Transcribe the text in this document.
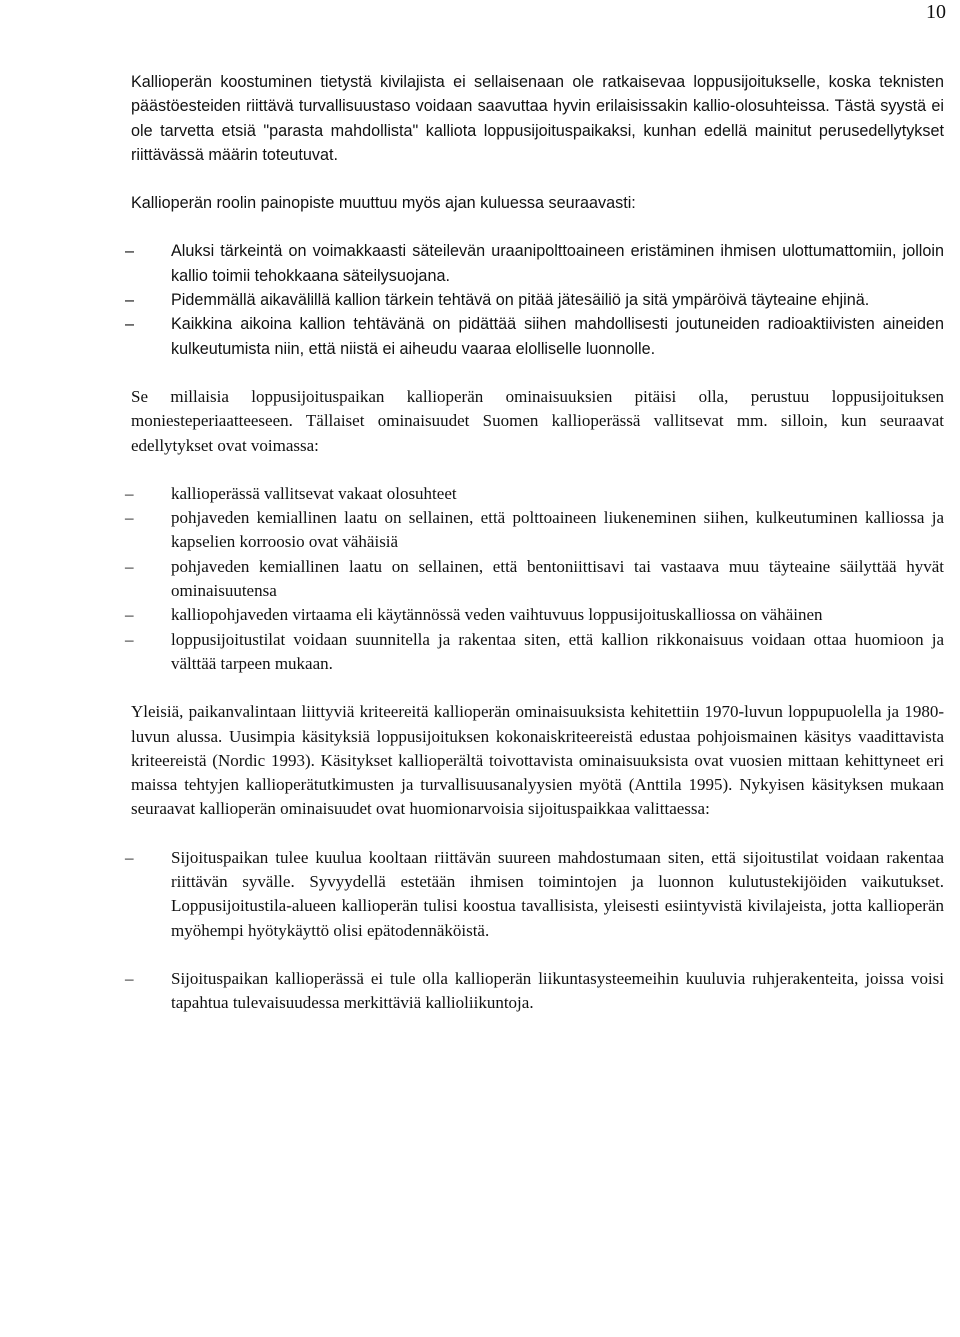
10

Kallioperän koostuminen tietystä kivilajista ei sellaisenaan ole ratkaisevaa loppusijoitukselle, koska teknisten päästöesteiden riittävä turvallisuustaso voidaan saavuttaa hyvin erilaisissakin kallio-olosuhteissa. Tästä syystä ei ole tarvetta etsiä "parasta mahdollista" kalliota loppusijoituspaikaksi, kunhan edellä mainitut perusedellytykset riittävässä määrin toteutuvat.

Kallioperän roolin painopiste muuttuu myös ajan kuluessa seuraavasti:

– Aluksi tärkeintä on voimakkaasti säteilevän uraanipolttoaineen eristäminen ihmisen ulottumattomiin, jolloin kallio toimii tehokkaana säteilysuojana.
– Pidemmällä aikavälillä kallion tärkein tehtävä on pitää jätesäiliö ja sitä ympäröivä täyteaine ehjinä.
– Kaikkina aikoina kallion tehtävänä on pidättää siihen mahdollisesti joutuneiden radioaktiivisten aineiden kulkeutumista niin, että niistä ei aiheudu vaaraa elolliselle luonnolle.

Se millaisia loppusijoituspaikan kallioperän ominaisuuksien pitäisi olla, perustuu loppusijoituksen moniesteperiaatteeseen. Tällaiset ominaisuudet Suomen kallioperässä vallitsevat mm. silloin, kun seuraavat edellytykset ovat voimassa:

– kallioperässä vallitsevat vakaat olosuhteet
– pohjaveden kemiallinen laatu on sellainen, että polttoaineen liukeneminen siihen, kulkeutuminen kalliossa ja kapselien korroosio ovat vähäisiä
– pohjaveden kemiallinen laatu on sellainen, että bentoniittisavi tai vastaava muu täyteaine säilyttää hyvät ominaisuutensa
– kalliopohjaveden virtaama eli käytännössä veden vaihtuvuus loppusijoituskalliossa on vähäinen
– loppusijoitustilat voidaan suunnitella ja rakentaa siten, että kallion rikkonaisuus voidaan ottaa huomioon ja välttää tarpeen mukaan.

Yleisiä, paikanvalintaan liittyviä kriteereitä kallioperän ominaisuuksista kehitettiin 1970-luvun loppupuolella ja 1980-luvun alussa. Uusimpia käsityksiä loppusijoituksen kokonaiskriteereistä edustaa pohjoismainen käsitys vaadittavista kriteereistä (Nordic 1993). Käsitykset kallioperältä toivottavista ominaisuuksista ovat vuosien mittaan kehittyneet eri maissa tehtyjen kallioperätutkimusten ja turvallisuusanalyysien myötä (Anttila 1995). Nykyisen käsityksen mukaan seuraavat kallioperän ominaisuudet ovat huomionarvoisia sijoituspaikkaa valittaessa:

– Sijoituspaikan tulee kuulua kooltaan riittävän suureen mahdostumaan siten, että sijoitustilat voidaan rakentaa riittävän syvälle. Syvyydellä estetään ihmisen toimintojen ja luonnon kulutustekijöiden vaikutukset. Loppusijoitustila-alueen kallioperän tulisi koostua tavallisista, yleisesti esiintyvistä kivilajeista, jotta kallioperän myöhempi hyötykäyttö olisi epätodennäköistä.
– Sijoituspaikan kallioperässä ei tule olla kallioperän liikuntasysteemeihin kuuluvia ruhjerakenteita, joissa voisi tapahtua tulevaisuudessa merkittäviä kallioliikuntoja.
